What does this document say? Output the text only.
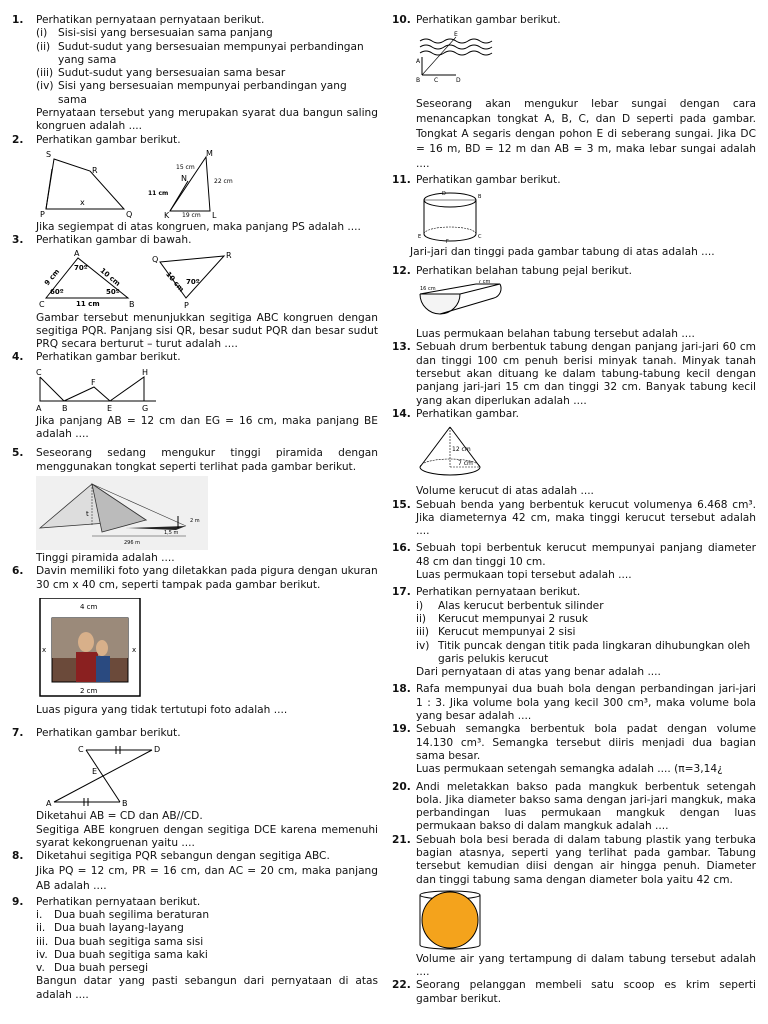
1. Perhatikan pernyataan pernyataan berikut.
(i)	Sisi-sisi yang bersesuaian sama panjang
(ii) Sudut-sudut yang bersesuaian mempunyai perbandingan yang sama
(iii) Sudut-sudut yang bersesuaian sama besar
(iv) Sisi yang bersesuaian mempunyai perbandingan yang sama
Pernyataan tersebut yang merupakan syarat dua bangun saling kongruen adalah ....
2. Perhatikan gambar berikut.
S
R
P	Q
x
M
N
K	L
15 cm
11 cm
22 cm
19 cm
Jika segiempat di atas kongruen, maka panjang PS adalah ....
3. Perhatikan gambar di bawah.
A
C	B
9 cm	10 cm
11 cm
70º
60º	50º
Q	R
P
10 cm 70º
Gambar tersebut menunjukkan segitiga ABC kongruen dengan segitiga PQR. Panjang sisi QR, besar sudut PQR dan besar sudut PRQ secara berturut – turut adalah ....
4. Perhatikan gambar berikut.
C
F
H
A	B	E	G
Jika panjang AB = 12 cm dan EG = 16 cm, maka panjang BE adalah ....
5. Seseorang sedang mengukur tinggi piramida dengan menggunakan tongkat seperti terlihat pada gambar berikut.
t
2 m
296 m
1,5 m
Tinggi piramida adalah ....
6. Davin memiliki foto yang diletakkan pada pigura dengan ukuran 30 cm x 40 cm, seperti tampak pada gambar berikut.
4 cm
2 cm
x	x
Luas pigura yang tidak tertutupi foto adalah ....
7. Perhatikan gambar berikut.
C	D
E
A	B
Diketahui AB = CD dan AB//CD.
Segitiga ABE kongruen dengan segitiga DCE karena memenuhi syarat kekongruenan yaitu ....
8. Diketahui segitiga PQR sebangun dengan segitiga ABC.
Jika PQ = 12 cm, PR = 16 cm, dan AC = 20 cm, maka panjang AB adalah ....
9. Perhatikan pernyataan berikut.
i.	Dua buah segilima beraturan
ii. Dua buah layang-layang
iii. Dua buah segitiga sama sisi
iv. Dua buah segitiga sama kaki
v. Dua buah persegi
Bangun datar yang pasti sebangun dari pernyataan di atas adalah ....
10. Perhatikan gambar berikut.
E
A
B C	D
Seseorang akan mengukur lebar sungai dengan cara menancapkan tongkat A, B, C, dan D seperti pada gambar. Tongkat A segaris dengan pohon E di seberang sungai. Jika DC = 16 m, BD = 12 m dan AB = 3 m, maka lebar sungai adalah ....
11. Perhatikan gambar berikut.
D	B
E
F
C
Jari-jari dan tinggi pada gambar tabung di atas adalah ....
12. Perhatikan belahan tabung pejal berikut.
16 cm
7 cm
Luas permukaan belahan tabung tersebut adalah ....
13. Sebuah drum berbentuk tabung dengan panjang jari-jari 60 cm dan tinggi 100 cm penuh berisi minyak tanah. Minyak tanah tersebut akan dituang ke dalam tabung-tabung kecil dengan panjang jari-jari 15 cm dan tinggi 32 cm. Banyak tabung kecil yang akan diperlukan adalah ....
14. Perhatikan gambar.
12 cm
7 cm
Volume kerucut di atas adalah ....
15. Sebuah benda yang berbentuk kerucut volumenya 6.468 cm³. Jika diameternya 42 cm, maka tinggi kerucut tersebut adalah ....
16. Sebuah topi berbentuk kerucut mempunyai panjang diameter 48 cm dan tinggi 10 cm.
Luas permukaan topi tersebut adalah ....
17. Perhatikan pernyataan berikut.
i)	Alas kerucut berbentuk silinder
ii)	Kerucut mempunyai 2 rusuk
iii) Kerucut mempunyai 2 sisi
iv) Titik puncak dengan titik pada lingkaran dihubungkan oleh garis pelukis kerucut
Dari pernyataan di atas yang benar adalah ....
18. Rafa mempunyai dua buah bola dengan perbandingan jari-jari 1 : 3. Jika volume bola yang kecil 300 cm³, maka volume bola yang besar adalah ....
19. Sebuah semangka berbentuk bola padat dengan volume 14.130 cm³. Semangka tersebut diiris menjadi dua bagian sama besar.
Luas permukaan setengah semangka adalah .... (π=3,14¿
20. Andi meletakkan bakso pada mangkuk berbentuk setengah bola. Jika diameter bakso sama dengan jari-jari mangkuk, maka perbandingan luas permukaan mangkuk dengan luas permukaan bakso di dalam mangkuk adalah ....
21. Sebuah bola besi berada di dalam tabung plastik yang terbuka bagian atasnya, seperti yang terlihat pada gambar. Tabung tersebut kemudian diisi dengan air hingga penuh. Diameter dan tinggi tabung sama dengan diameter bola yaitu 42 cm.
Volume air yang tertampung di dalam tabung tersebut adalah ....
22. Seorang pelanggan membeli satu scoop es krim seperti gambar berikut.
